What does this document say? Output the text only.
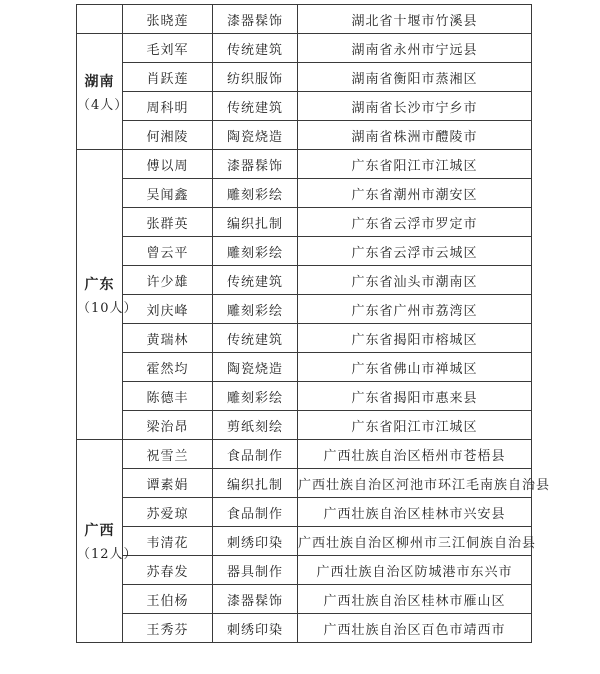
	张晓莲	漆器髹饰	湖北省十堰市竹溪县

湖南
（4人）	毛刘军	传统建筑	湖南省永州市宁远县
	肖跃莲	纺织服饰	湖南省衡阳市蒸湘区
	周科明	传统建筑	湖南省长沙市宁乡市
	何湘陵	陶瓷烧造	湖南省株洲市醴陵市

广东
（10人）	傅以周	漆器髹饰	广东省阳江市江城区
	吴闻鑫	雕刻彩绘	广东省潮州市潮安区
	张群英	编织扎制	广东省云浮市罗定市
	曾云平	雕刻彩绘	广东省云浮市云城区
	许少雄	传统建筑	广东省汕头市潮南区
	刘庆峰	雕刻彩绘	广东省广州市荔湾区
	黄瑞林	传统建筑	广东省揭阳市榕城区
	霍然均	陶瓷烧造	广东省佛山市禅城区
	陈德丰	雕刻彩绘	广东省揭阳市惠来县
	梁治昂	剪纸刻绘	广东省阳江市江城区

广西
（12人）	祝雪兰	食品制作	广西壮族自治区梧州市苍梧县
	谭素娟	编织扎制	广西壮族自治区河池市环江毛南族自治县
	苏爱琼	食品制作	广西壮族自治区桂林市兴安县
	韦清花	刺绣印染	广西壮族自治区柳州市三江侗族自治县
	苏春发	器具制作	广西壮族自治区防城港市东兴市
	王伯杨	漆器髹饰	广西壮族自治区桂林市雁山区
	王秀芬	刺绣印染	广西壮族自治区百色市靖西市
